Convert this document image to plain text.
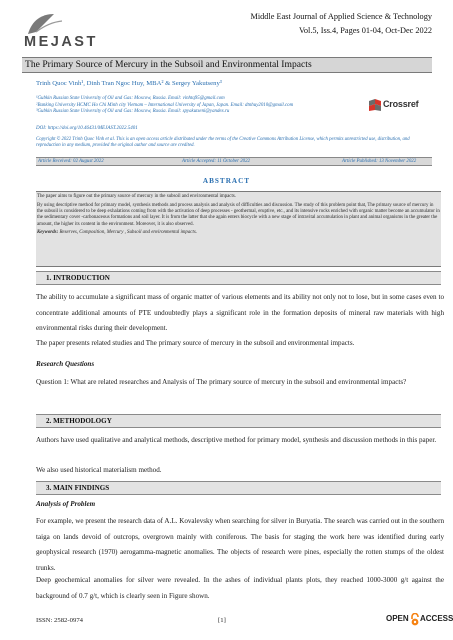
MEJAST
Middle East Journal of Applied Science & Technology
Vol.5, Iss.4, Pages 01-04, Oct-Dec 2022
The Primary Source of Mercury in the Subsoil and Environmental Impacts
Trinh Quoc Vinh¹, Dinh Tran Ngoc Huy, MBA² & Sergey Yakutseny³
¹Gubkin Russian State University of Oil and Gas: Moscow, Russia. Email: vinhtq95@gmail.com
²Banking University HCMC Ho Chi Minh city Vietnam – International University of Japan, Japan. Email: dtnhuy2010@gmail.com
³Gubkin Russian State University of Oil and Gas: Moscow, Russia. Email: spyakutseni@yandex.ru
Crossref
DOI: https://doi.org/10.46431/MEJAST.2022.5401
Copyright © 2022 Trinh Quoc Vinh et al. This is an open access article distributed under the terms of the Creative Commons Attribution License, which permits unrestricted use, distribution, and reproduction in any medium, provided the original author and source are credited.
Article Received: 02 August 2022	Article Accepted: 11 October 2022	Article Published: 13 November 2022
ABSTRACT

The paper aims to figure out the primary source of mercury in the subsoil and environmental impacts.

By using descriptive method for primary model, synthesis methods and process analysis and analysis of difficulties and discussion. The study of this problem point that, The primary source of mercury in the subsoil is considered to be deep exhalations coming from with the activation of deep processes - geothermal, eruptive, etc., and its intensive rocks enriched with organic matter become an accumulator in the sedimentary cover -carbonaceous formations and soil layer. It is from the latter that she again enters biocycle with a new stage of intravital accumulation in plant and animal organisms in the greater the amount, the higher its content in the environment. Moreover, it is also observed.

Keywords: Reserves, Composition, Mercury , Subsoil and environmental impacts.

1. INTRODUCTION
The ability to accumulate a significant mass of organic matter of various elements and its ability not only not to lose, but in some cases even to concentrate additional amounts of PTE undoubtedly plays a significant role in the formation deposits of mineral raw materials with high environmental risks during their development.
The paper presents related studies and The primary source of mercury in the subsoil and environmental impacts.
Research Questions
Question 1: What are related researches and Analysis of The primary source of mercury in the subsoil and environmental impacts?
2. METHODOLOGY
Authors have used qualitative and analytical methods, descriptive method for primary model, synthesis and discussion methods in this paper.
We also used historical materialism method.
3. MAIN FINDINGS
Analysis of Problem
For example, we present the research data of A.L. Kovalevsky when searching for silver in Buryatia. The search was carried out in the southern taiga on lands devoid of outcrops, overgrown mainly with coniferous. The basis for staging the work here was identified during early geophysical research (1970) aerogamma-magnetic anomalies. The objects of research were pines, especially the rotten stumps of the oldest trunks.
Deep geochemical anomalies for silver were revealed. In the ashes of individual plants plots, they reached 1000-3000 g/t against the background of 0.7 g/t, which is clearly seen in Figure shown.
ISSN: 2582-0974	[1]	OPEN ACCESS
